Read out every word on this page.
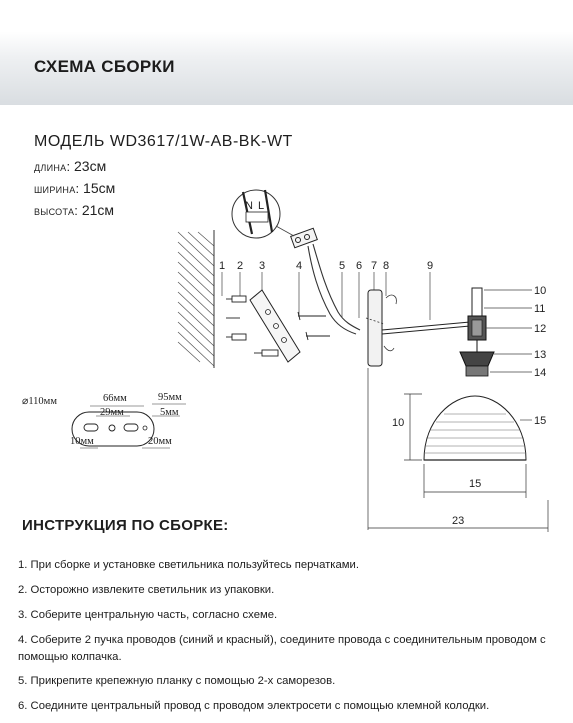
СХЕМА СБОРКИ
МОДЕЛЬ WD3617/1W-AB-BK-WT
длина: 23см
ширина: 15см
высота: 21см	N L
1 2 3	4	5 6 7 8	9
10
11
12
13
14
15
10
15
23
⌀110мм	66мм	95мм
29мм	5мм
10мм	20мм
ИНСТРУКЦИЯ ПО СБОРКЕ:
1. При сборке и установке светильника пользуйтесь перчатками.
2. Осторожно извлеките светильник из упаковки.
3. Соберите центральную часть, согласно схеме.
4. Соберите 2 пучка проводов (синий и красный), соедините провода с соединительным проводом с помощью колпачка.
5. Прикрепите крепежную планку с помощью 2-х саморезов.
6. Соедините центральный провод с проводом электросети с помощью клемной колодки.
